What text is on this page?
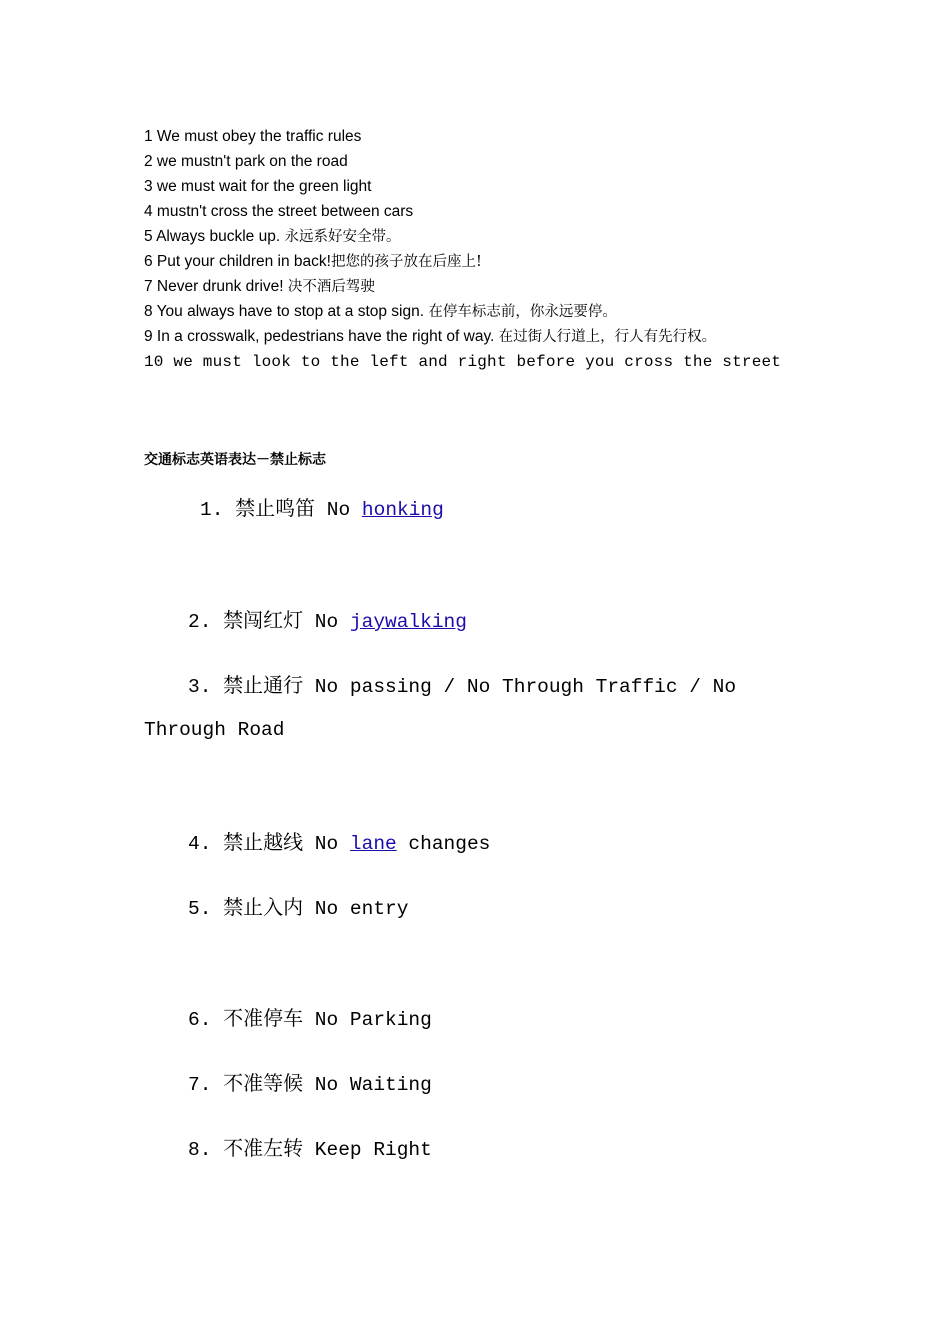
1 We must obey the traffic rules
2 we mustn't park on the road
3 we must wait for the green light
4 mustn't cross the street between cars
5 Always buckle up. 永远系好安全带。
6 Put your children in back!把您的孩子放在后座上!
7 Never drunk drive! 决不酒后驾驶
8 You always have to stop at a stop sign. 在停车标志前，你永远要停。
9 In a crosswalk, pedestrians have the right of way. 在过街人行道上，行人有先行权。
10 we must look to the left and right before you cross the street
交通标志英语表达－禁止标志
1. 禁止鸣笛 No honking
2. 禁闯红灯 No jaywalking
3. 禁止通行 No passing / No Through Traffic / No
Through Road
4. 禁止越线 No lane changes
5. 禁止入内 No entry
6. 不准停车 No Parking
7. 不准等候 No Waiting
8. 不准左转 Keep Right
